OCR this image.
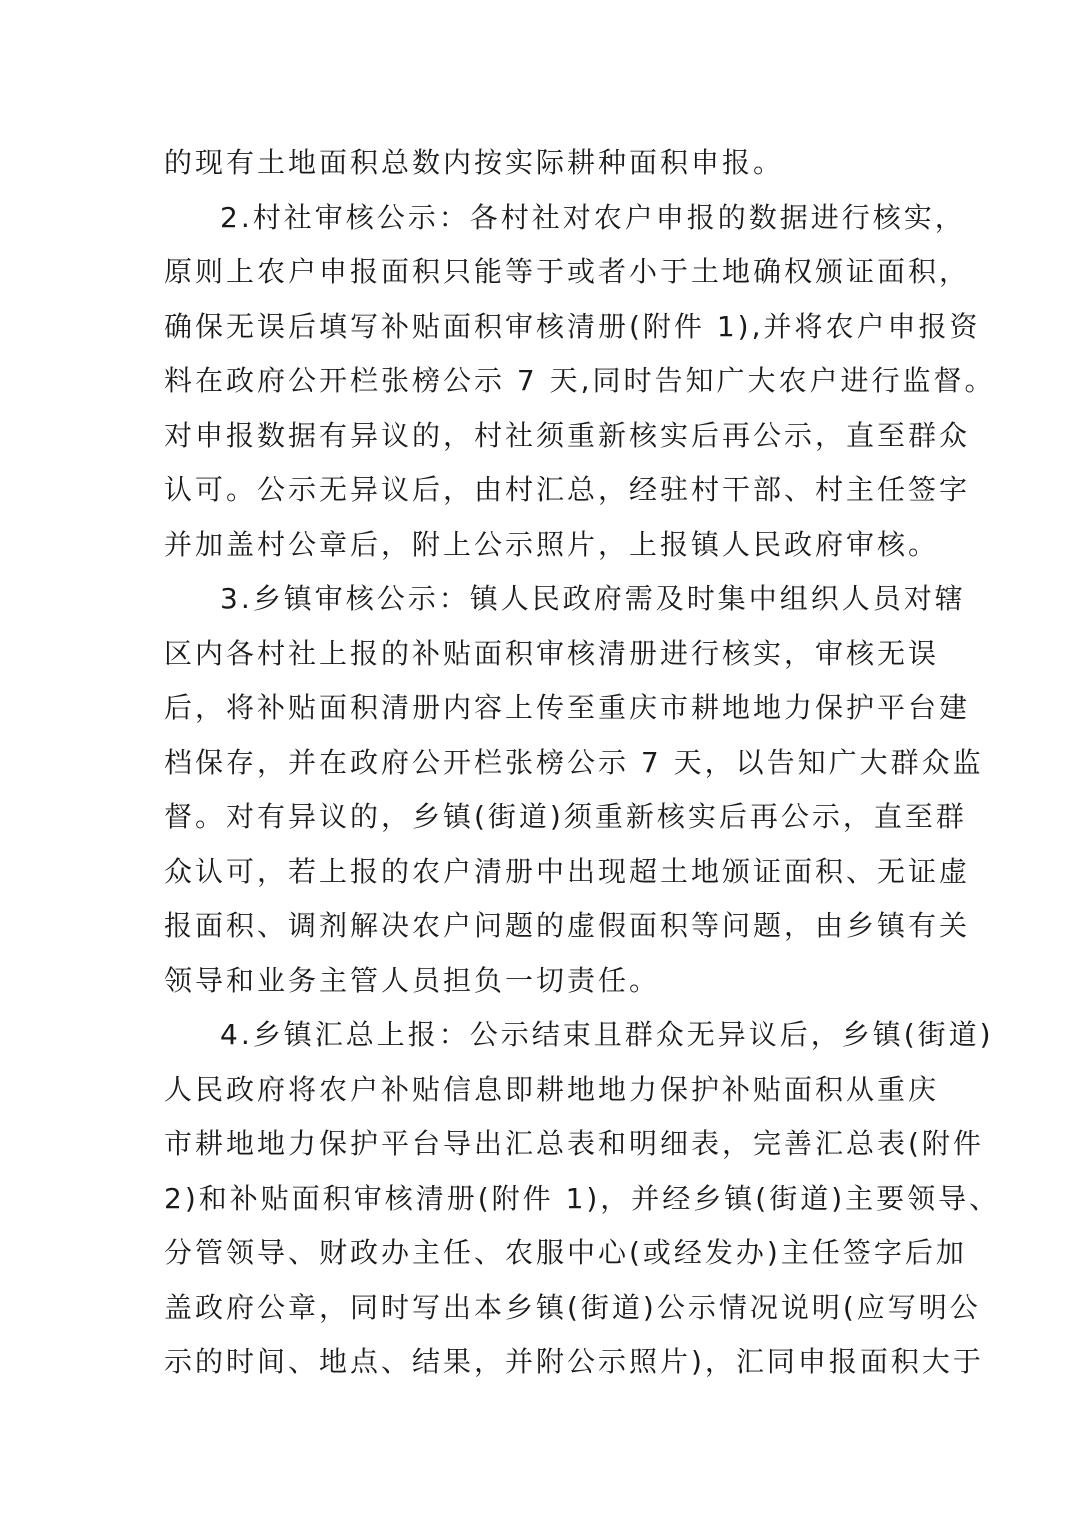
的现有土地面积总数内按实际耕种面积申报。
2.村社审核公示：各村社对农户申报的数据进行核实，
原则上农户申报面积只能等于或者小于土地确权颁证面积，
确保无误后填写补贴面积审核清册(附件 1),并将农户申报资
料在政府公开栏张榜公示 7 天,同时告知广大农户进行监督。
对申报数据有异议的，村社须重新核实后再公示，直至群众
认可。公示无异议后，由村汇总，经驻村干部、村主任签字
并加盖村公章后，附上公示照片，上报镇人民政府审核。
3.乡镇审核公示：镇人民政府需及时集中组织人员对辖
区内各村社上报的补贴面积审核清册进行核实，审核无误
后，将补贴面积清册内容上传至重庆市耕地地力保护平台建
档保存，并在政府公开栏张榜公示 7 天，以告知广大群众监
督。对有异议的，乡镇(街道)须重新核实后再公示，直至群
众认可，若上报的农户清册中出现超土地颁证面积、无证虚
报面积、调剂解决农户问题的虚假面积等问题，由乡镇有关
领导和业务主管人员担负一切责任。
4.乡镇汇总上报：公示结束且群众无异议后，乡镇(街道)
人民政府将农户补贴信息即耕地地力保护补贴面积从重庆
市耕地地力保护平台导出汇总表和明细表，完善汇总表(附件
2)和补贴面积审核清册(附件 1)，并经乡镇(街道)主要领导、
分管领导、财政办主任、农服中心(或经发办)主任签字后加
盖政府公章，同时写出本乡镇(街道)公示情况说明(应写明公
示的时间、地点、结果，并附公示照片)，汇同申报面积大于
